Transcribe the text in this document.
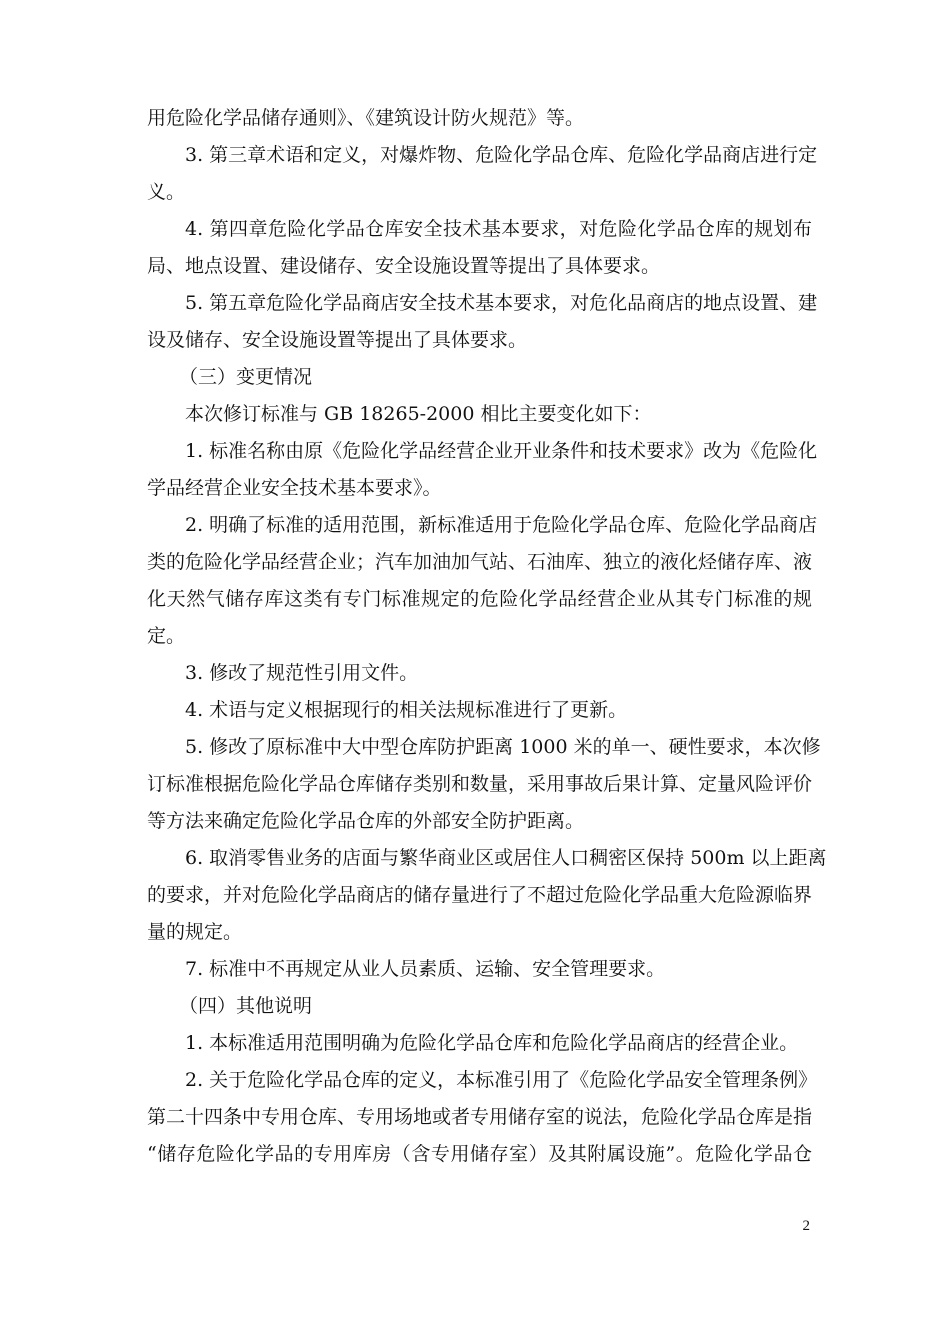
用危险化学品储存通则》、《建筑设计防火规范》等。
3. 第三章术语和定义，对爆炸物、危险化学品仓库、危险化学品商店进行定
义。
4. 第四章危险化学品仓库安全技术基本要求，对危险化学品仓库的规划布
局、地点设置、建设储存、安全设施设置等提出了具体要求。
5. 第五章危险化学品商店安全技术基本要求，对危化品商店的地点设置、建
设及储存、安全设施设置等提出了具体要求。
（三）变更情况
本次修订标准与 GB 18265-2000 相比主要变化如下：
1. 标准名称由原《危险化学品经营企业开业条件和技术要求》改为《危险化
学品经营企业安全技术基本要求》。
2. 明确了标准的适用范围，新标准适用于危险化学品仓库、危险化学品商店
类的危险化学品经营企业；汽车加油加气站、石油库、独立的液化烃储存库、液
化天然气储存库这类有专门标准规定的危险化学品经营企业从其专门标准的规
定。
3. 修改了规范性引用文件。
4. 术语与定义根据现行的相关法规标准进行了更新。
5. 修改了原标准中大中型仓库防护距离 1000 米的单一、硬性要求，本次修
订标准根据危险化学品仓库储存类别和数量，采用事故后果计算、定量风险评价
等方法来确定危险化学品仓库的外部安全防护距离。
6. 取消零售业务的店面与繁华商业区或居住人口稠密区保持 500m 以上距离
的要求，并对危险化学品商店的储存量进行了不超过危险化学品重大危险源临界
量的规定。
7. 标准中不再规定从业人员素质、运输、安全管理要求。
（四）其他说明
1. 本标准适用范围明确为危险化学品仓库和危险化学品商店的经营企业。
2. 关于危险化学品仓库的定义，本标准引用了《危险化学品安全管理条例》
第二十四条中专用仓库、专用场地或者专用储存室的说法，危险化学品仓库是指
“储存危险化学品的专用库房（含专用储存室）及其附属设施”。危险化学品仓
2
